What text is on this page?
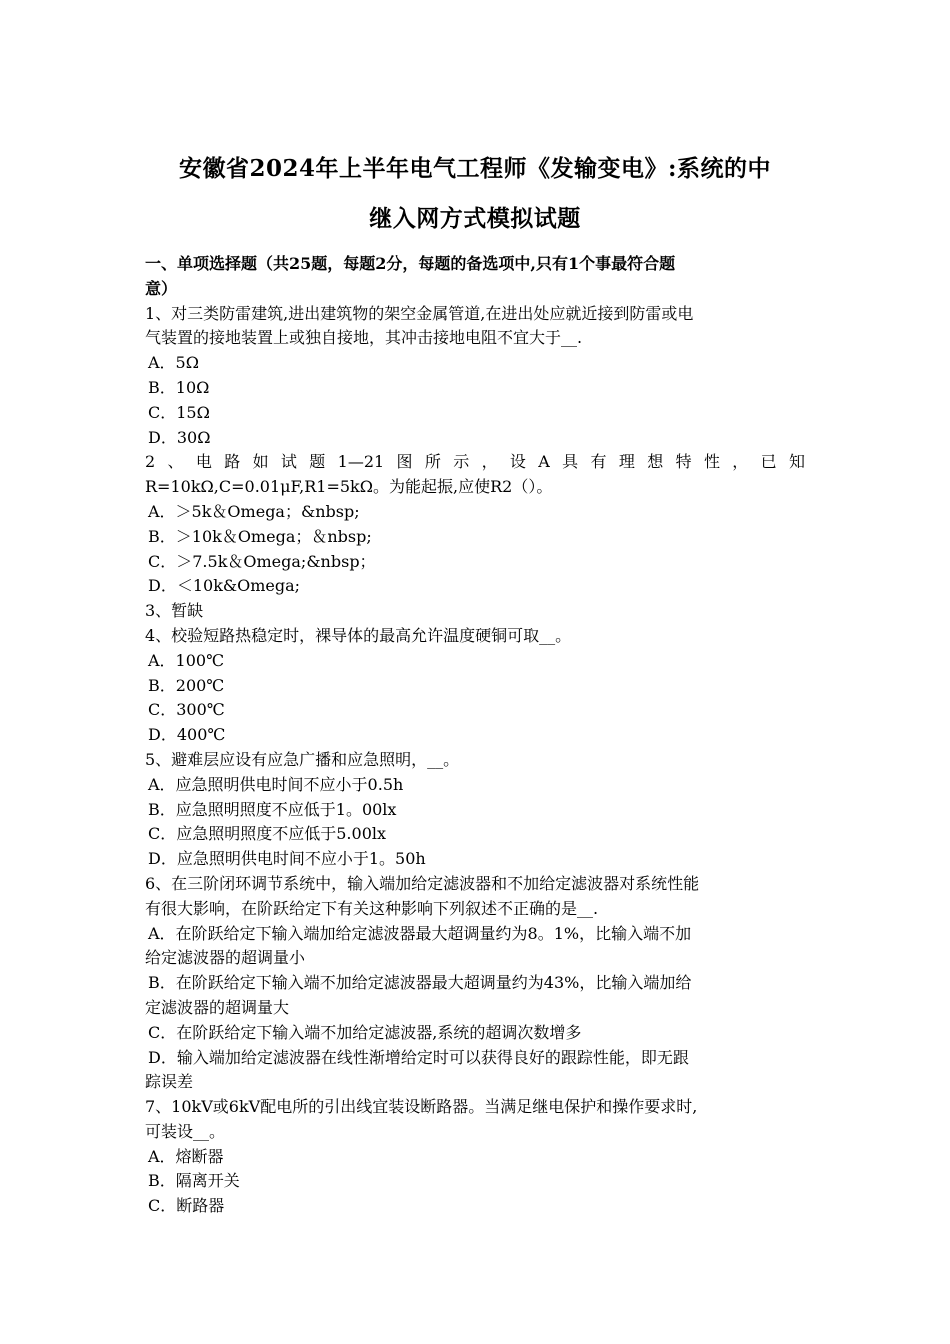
安徽省2024年上半年电气工程师《发输变电》:系统的中

继入网方式模拟试题

一、单项选择题（共25题，每题2分，每题的备选项中,只有1个事最符合题
意）

1、对三类防雷建筑,进出建筑物的架空金属管道,在进出处应就近接到防雷或电

气装置的接地装置上或独自接地，其冲击接地电阻不宜大于__.

A．5Ω

B．10Ω

C．15Ω

D．30Ω

2、电路如试题1—21图所示，设A具有理想特性，已知

R=10kΩ,C=0.01μF,R1=5kΩ。为能起振,应使R2（）。

A．＞5k＆Omega；&nbsp;

B．＞10k＆Omega；＆nbsp;

C．＞7.5k＆Omega;&nbsp；

D．＜10k&Omega;

3、暂缺

4、校验短路热稳定时，裸导体的最高允许温度硬铜可取__。

A．100℃

B．200℃

C．300℃

D．400℃

5、避难层应设有应急广播和应急照明，__。

A．应急照明供电时间不应小于0.5h

B．应急照明照度不应低于1。00lx

C．应急照明照度不应低于5.00lx

D．应急照明供电时间不应小于1。50h

6、在三阶闭环调节系统中，输入端加给定滤波器和不加给定滤波器对系统性能

有很大影响，在阶跃给定下有关这种影响下列叙述不正确的是__.

A．在阶跃给定下输入端加给定滤波器最大超调量约为8。1%，比输入端不加

给定滤波器的超调量小

B．在阶跃给定下输入端不加给定滤波器最大超调量约为43%，比输入端加给

定滤波器的超调量大

C．在阶跃给定下输入端不加给定滤波器,系统的超调次数增多

D．输入端加给定滤波器在线性渐增给定时可以获得良好的跟踪性能，即无跟

踪误差

7、10kV或6kV配电所的引出线宜装设断路器。当满足继电保护和操作要求时,

可装设__。

A．熔断器

B．隔离开关

C．断路器
